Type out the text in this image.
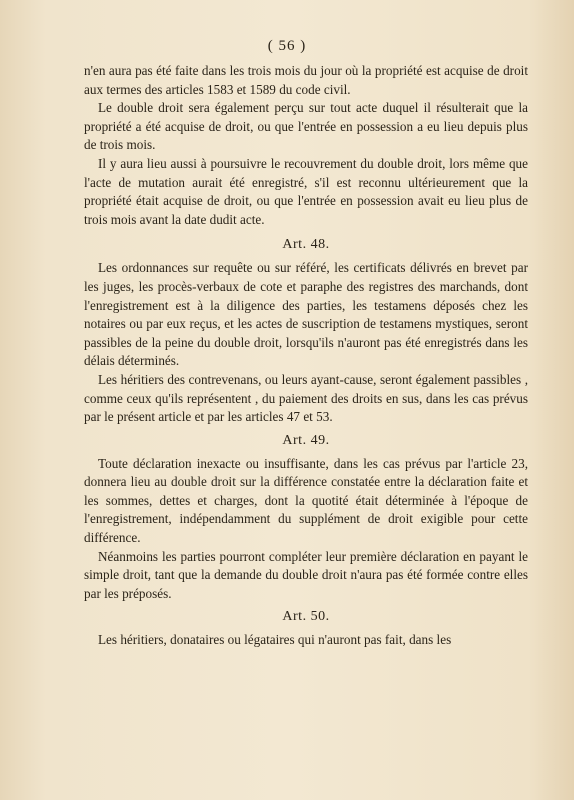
( 56 )

n'en aura pas été faite dans les trois mois du jour où la propriété est acquise de droit aux termes des articles 1583 et 1589 du code civil.

Le double droit sera également perçu sur tout acte duquel il résulterait que la propriété a été acquise de droit, ou que l'entrée en possession a eu lieu depuis plus de trois mois.

Il y aura lieu aussi à poursuivre le recouvrement du double droit, lors même que l'acte de mutation aurait été enregistré, s'il est reconnu ultérieurement que la propriété était acquise de droit, ou que l'entrée en possession avait eu lieu plus de trois mois avant la date dudit acte.

Art. 48.

Les ordonnances sur requête ou sur référé, les certificats délivrés en brevet par les juges, les procès-verbaux de cote et paraphe des registres des marchands, dont l'enregistrement est à la diligence des parties, les testamens déposés chez les notaires ou par eux reçus, et les actes de suscription de testamens mystiques, seront passibles de la peine du double droit, lorsqu'ils n'auront pas été enregistrés dans les délais déterminés.

Les héritiers des contrevenans, ou leurs ayant-cause, seront également passibles , comme ceux qu'ils représentent , du paiement des droits en sus, dans les cas prévus par le présent article et par les articles 47 et 53.

Art. 49.

Toute déclaration inexacte ou insuffisante, dans les cas prévus par l'article 23, donnera lieu au double droit sur la différence constatée entre la déclaration faite et les sommes, dettes et charges, dont la quotité était déterminée à l'époque de l'enregistrement, indépendamment du supplément de droit exigible pour cette différence.

Néanmoins les parties pourront compléter leur première déclaration en payant le simple droit, tant que la demande du double droit n'aura pas été formée contre elles par les préposés.

Art. 50.

Les héritiers, donataires ou légataires qui n'auront pas fait, dans les
